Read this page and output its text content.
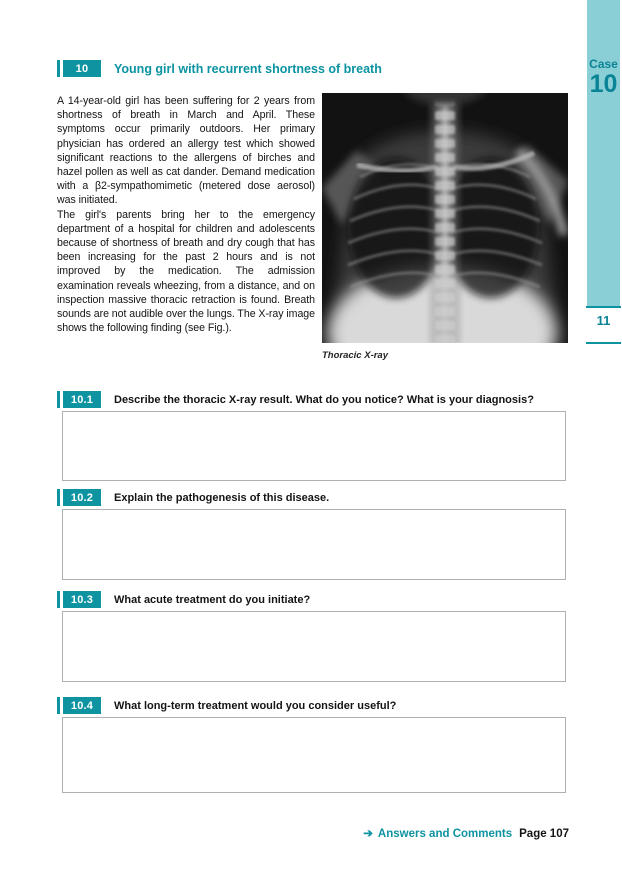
10	Young girl with recurrent shortness of breath

A 14-year-old girl has been suffering for 2 years from shortness of breath in March and April. These symptoms occur primarily outdoors. Her primary physician has ordered an allergy test which showed significant reactions to the allergens of birches and hazel pollen as well as cat dander. Demand medication with a β2-sympathomimetic (metered dose aerosol) was initiated.

The girl's parents bring her to the emergency department of a hospital for children and adolescents because of shortness of breath and dry cough that has been increasing for the past 2 hours and is not improved by the medication. The admission examination reveals wheezing, from a distance, and on inspection massive thoracic retraction is found. Breath sounds are not audible over the lungs. The X-ray image shows the following finding (see Fig.).

Thoracic X-ray
Case
10
11
10.1	Describe the thoracic X-ray result. What do you notice? What is your diagnosis?
10.2	Explain the pathogenesis of this disease.
10.3	What acute treatment do you initiate?
10.4	What long-term treatment would you consider useful?
➔ Answers and Comments Page 107
